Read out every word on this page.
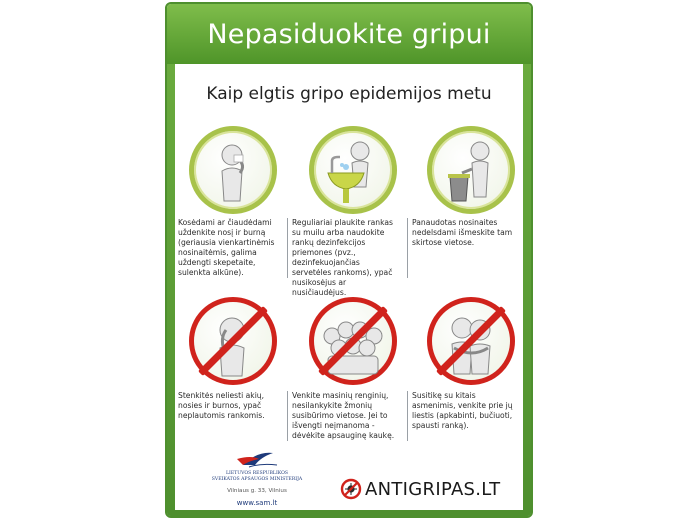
Nepasiduokite gripui

Kaip elgtis gripo epidemijos metu

Kosėdami ar čiaudėdami uždenkite nosį ir burną (geriausia vienkartinėmis nosinaitėmis, galima uždengti skepetaite, sulenkta alkūne).
Reguliariai plaukite rankas su muilu arba naudokite rankų dezinfekcijos priemones (pvz., dezinfekuojančias servetėles rankoms), ypač nusikosėjus ar nusičiaudėjus.
Panaudotas nosinaites nedelsdami išmeskite tam skirtose vietose.
Stenkitės neliesti akių, nosies ir burnos, ypač neplautomis rankomis.
Venkite masinių renginių, nesilankykite žmonių susibūrimo vietose. Jei to išvengti neįmanoma - dėvėkite apsauginę kaukę.
Susitikę su kitais asmenimis, venkite prie jų liestis (apkabinti, bučiuoti, spausti ranką).
LIETUVOS RESPUBLIKOS
SVEIKATOS APSAUGOS MINISTERIJA
Vilniaus g. 33, Vilnius
www.sam.lt
ANTIGRIPAS.LT
